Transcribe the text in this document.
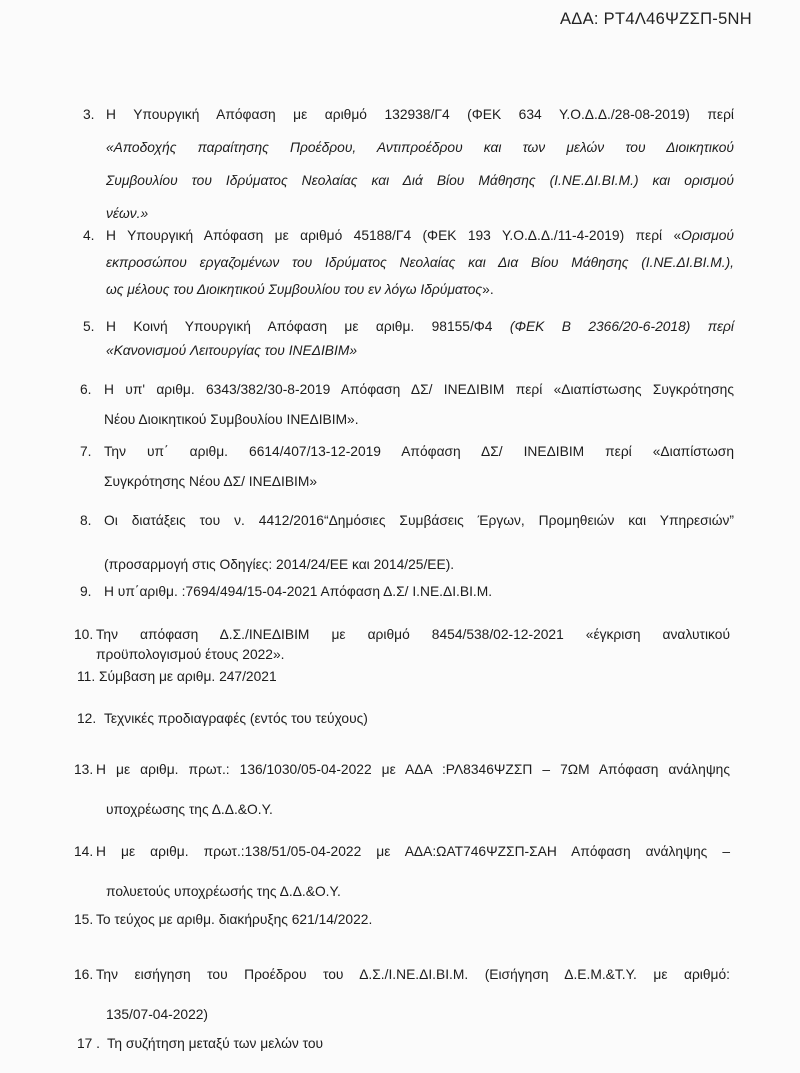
ΑΔΑ: ΡΤ4Λ46ΨΖΣΠ-5ΝΗ
3. Η Υπουργική Απόφαση με αριθμό 132938/Γ4 (ΦΕΚ 634 Υ.Ο.Δ.Δ./28-08-2019) περί

«Αποδοχής παραίτησης Προέδρου, Αντιπροέδρου και των μελών του Διοικητικού

Συμβουλίου του Ιδρύματος Νεολαίας και Διά Βίου Μάθησης (Ι.ΝΕ.ΔΙ.ΒΙ.Μ.) και ορισμού

νέων.»

4. Η Υπουργική Απόφαση με αριθμό 45188/Γ4 (ΦΕΚ 193 Υ.Ο.Δ.Δ./11-4-2019) περί «Ορισμού

εκπροσώπου εργαζομένων του Ιδρύματος Νεολαίας και Δια Βίου Μάθησης (Ι.ΝΕ.ΔΙ.ΒΙ.Μ.),

ως μέλους του Διοικητικού Συμβουλίου του εν λόγω Ιδρύματος».

5. Η Κοινή Υπουργική Απόφαση με αριθμ. 98155/Φ4 (ΦΕΚ Β 2366/20-6-2018) περί

«Κανονισμού Λειτουργίας του ΙΝΕΔΙΒΙΜ»

6. Η υπ' αριθμ. 6343/382/30-8-2019 Απόφαση ΔΣ/ ΙΝΕΔΙΒΙΜ περί «Διαπίστωσης Συγκρότησης

Νέου Διοικητικού Συμβουλίου ΙΝΕΔΙΒΙΜ».

7. Την υπ΄ αριθμ. 6614/407/13-12-2019 Απόφαση ΔΣ/ ΙΝΕΔΙΒΙΜ περί «Διαπίστωση

Συγκρότησης Νέου ΔΣ/ ΙΝΕΔΙΒΙΜ»

8. Οι διατάξεις του ν. 4412/2016“Δημόσιες Συμβάσεις Έργων, Προμηθειών και Υπηρεσιών”

(προσαρμογή στις Οδηγίες: 2014/24/ΕΕ και 2014/25/ΕΕ).

9. Η υπ΄αριθμ. :7694/494/15-04-2021 Απόφαση Δ.Σ/ Ι.ΝΕ.ΔΙ.ΒΙ.Μ.

10. Την απόφαση Δ.Σ./ΙΝΕΔΙΒΙΜ με αριθμό 8454/538/02-12-2021 «έγκριση αναλυτικού

προϋπολογισμού έτους 2022».

11. Σύμβαση με αριθμ. 247/2021

12. Τεχνικές προδιαγραφές (εντός του τεύχους)

13. Η με αριθμ. πρωτ.: 136/1030/05-04-2022 με ΑΔΑ :ΡΛ8346ΨΖΣΠ – 7ΩΜ Απόφαση ανάληψης

υποχρέωσης της Δ.Δ.&Ο.Υ.

14. Η με αριθμ. πρωτ.:138/51/05-04-2022 με ΑΔΑ:ΩΑΤ746ΨΖΣΠ-ΣΑΗ Απόφαση ανάληψης –

πολυετούς υποχρέωσής της Δ.Δ.&Ο.Υ.

15. Το τεύχος με αριθμ. διακήρυξης 621/14/2022.

16. Την εισήγηση του Προέδρου του Δ.Σ./Ι.ΝΕ.ΔΙ.ΒΙ.Μ. (Εισήγηση Δ.Ε.Μ.&Τ.Υ. με αριθμό:

135/07-04-2022)

17 . Τη συζήτηση μεταξύ των μελών του
